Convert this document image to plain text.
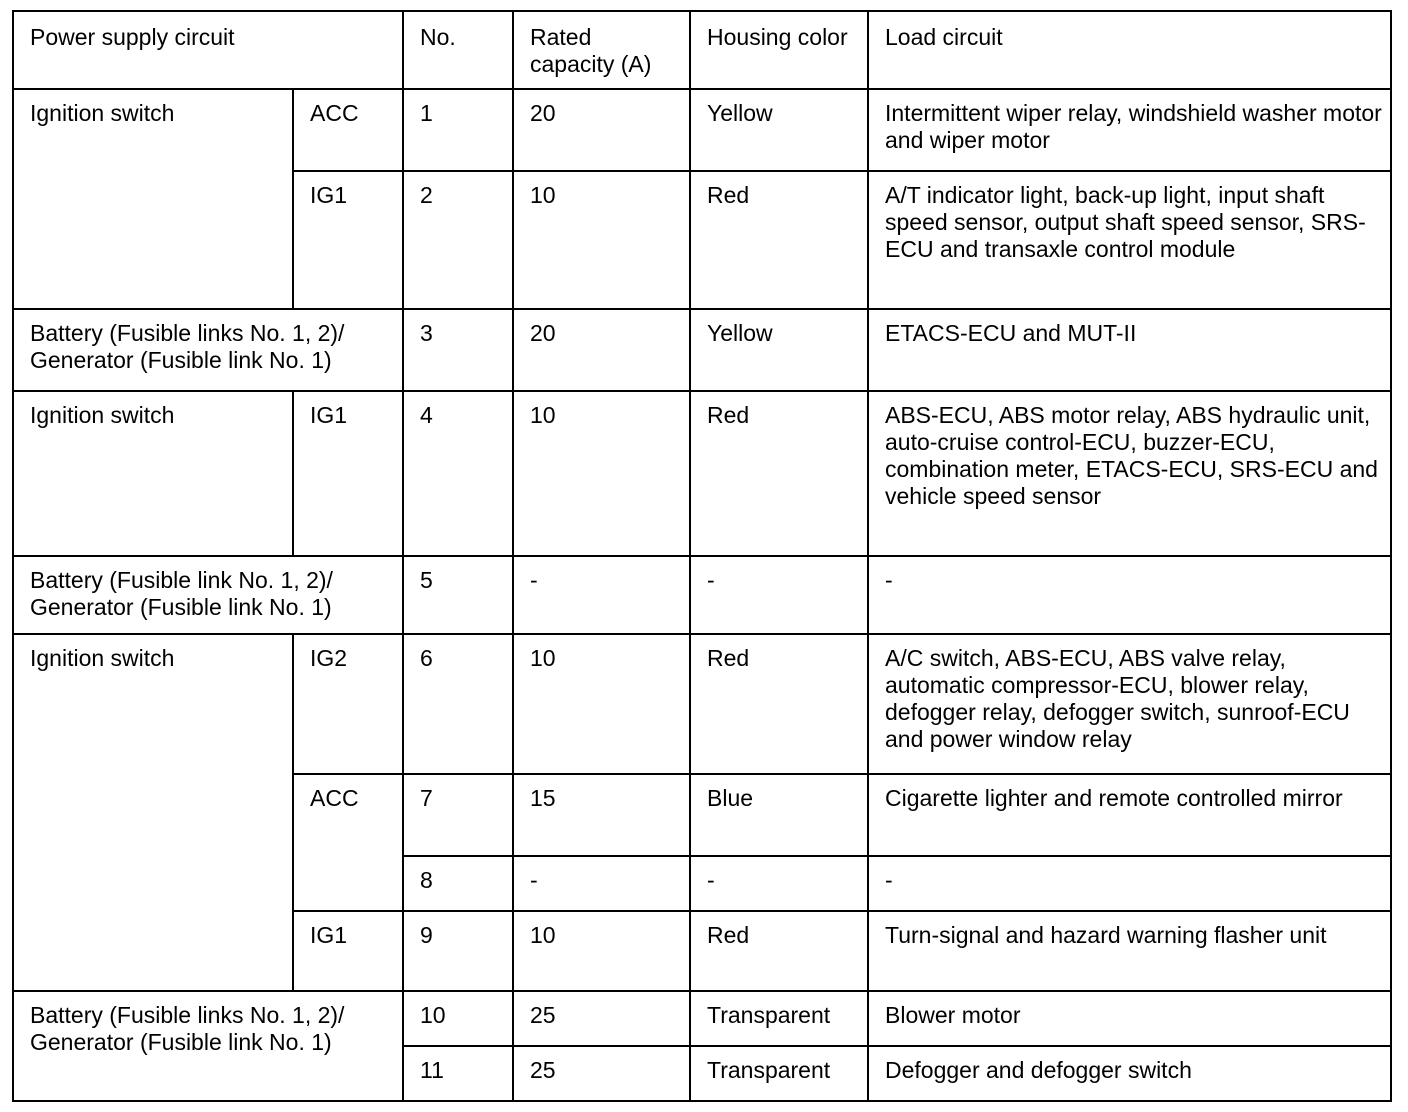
Power supply circuit		No.	Rated capacity (A)	Housing color	Load circuit
Ignition switch	ACC	1	20	Yellow	Intermittent wiper relay, windshield washer motor and wiper motor
	IG1	2	10	Red	A/T indicator light, back-up light, input shaft speed sensor, output shaft speed sensor, SRS-ECU and transaxle control module
Battery (Fusible links No. 1, 2)/ Generator (Fusible link No. 1)		3	20	Yellow	ETACS-ECU and MUT-II
Ignition switch	IG1	4	10	Red	ABS-ECU, ABS motor relay, ABS hydraulic unit, auto-cruise control-ECU, buzzer-ECU, combination meter, ETACS-ECU, SRS-ECU and vehicle speed sensor
Battery (Fusible link No. 1, 2)/ Generator (Fusible link No. 1)		5	-	-	-
Ignition switch	IG2	6	10	Red	A/C switch, ABS-ECU, ABS valve relay, automatic compressor-ECU, blower relay, defogger relay, defogger switch, sunroof-ECU and power window relay
	ACC	7	15	Blue	Cigarette lighter and remote controlled mirror
		8	-	-	-
	IG1	9	10	Red	Turn-signal and hazard warning flasher unit
Battery (Fusible links No. 1, 2)/ Generator (Fusible link No. 1)		10	25	Transparent	Blower motor
		11	25	Transparent	Defogger and defogger switch
